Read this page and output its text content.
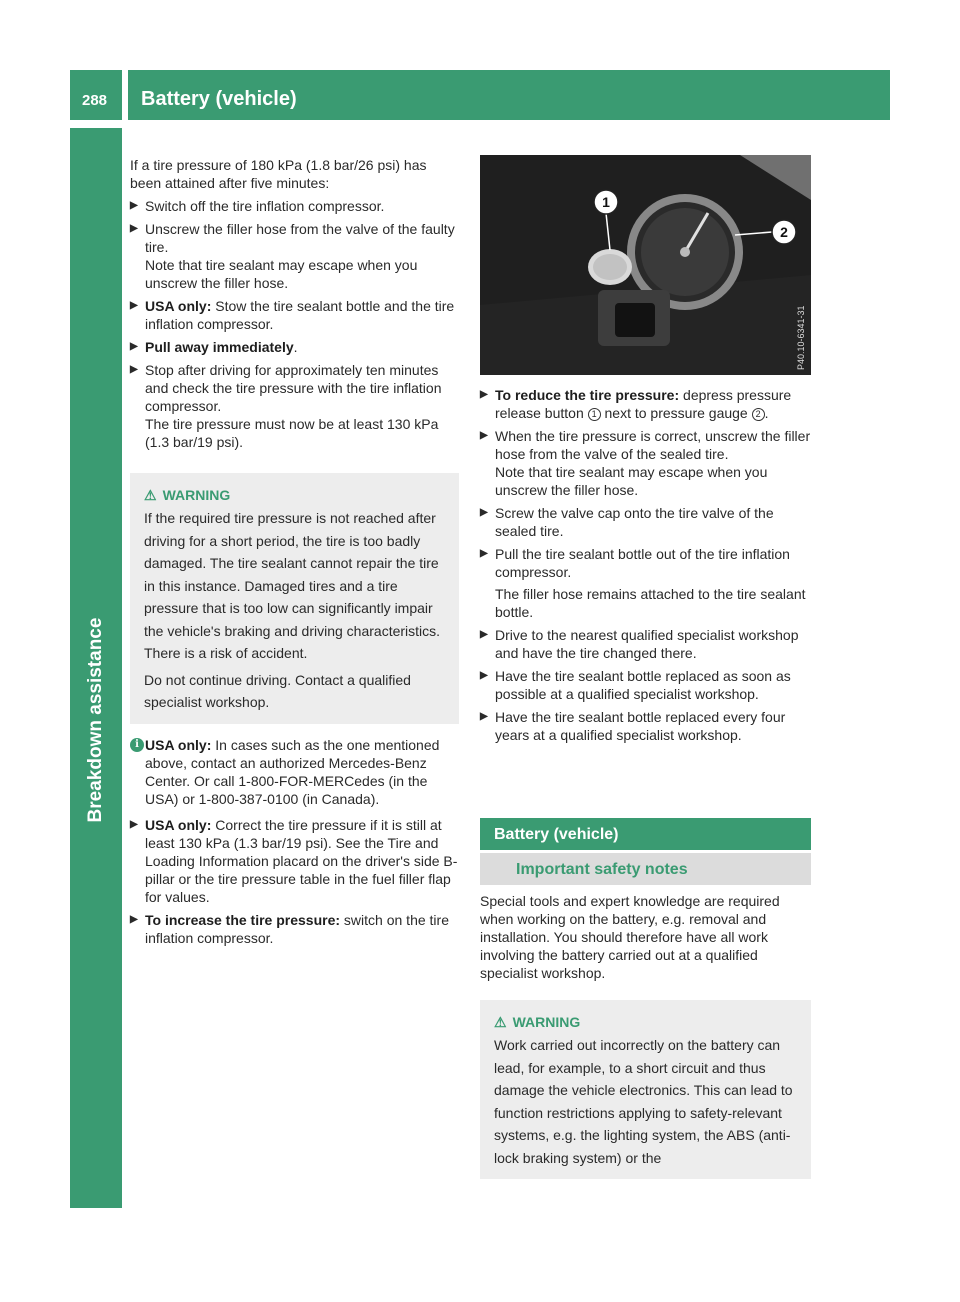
288 Battery (vehicle)
Breakdown assistance

If a tire pressure of 180 kPa (1.8 bar/26 psi) has been attained after five minutes:

▶ Switch off the tire inflation compressor.
▶ Unscrew the filler hose from the valve of the faulty tire.
Note that tire sealant may escape when you unscrew the filler hose.
▶ USA only: Stow the tire sealant bottle and the tire inflation compressor.
▶ Pull away immediately.
▶ Stop after driving for approximately ten minutes and check the tire pressure with the tire inflation compressor.
The tire pressure must now be at least 130 kPa (1.3 bar/19 psi).
⚠ WARNING

If the required tire pressure is not reached after driving for a short period, the tire is too badly damaged. The tire sealant cannot repair the tire in this instance. Damaged tires and a tire pressure that is too low can significantly impair the vehicle's braking and driving characteristics. There is a risk of accident.

Do not continue driving. Contact a qualified specialist workshop.

i USA only: In cases such as the one mentioned above, contact an authorized Mercedes-Benz Center. Or call 1-800-FOR-MERCedes (in the USA) or 1-800-387-0100 (in Canada).
▶ USA only: Correct the tire pressure if it is still at least 130 kPa (1.3 bar/19 psi). See the Tire and Loading Information placard on the driver's side B-pillar or the tire pressure table in the fuel filler flap for values.
▶ To increase the tire pressure: switch on the tire inflation compressor.
1
2
P40.10-6341-31
▶ To reduce the tire pressure: depress pressure release button 1 next to pressure gauge 2 .
▶ When the tire pressure is correct, unscrew the filler hose from the valve of the sealed tire.
Note that tire sealant may escape when you unscrew the filler hose.
▶ Screw the valve cap onto the tire valve of the sealed tire.
▶ Pull the tire sealant bottle out of the tire inflation compressor.

The filler hose remains attached to the tire sealant bottle.

▶ Drive to the nearest qualified specialist workshop and have the tire changed there.
▶ Have the tire sealant bottle replaced as soon as possible at a qualified specialist workshop.
▶ Have the tire sealant bottle replaced every four years at a qualified specialist workshop.
Battery (vehicle)
Important safety notes

Special tools and expert knowledge are required when working on the battery, e.g. removal and installation. You should therefore have all work involving the battery carried out at a qualified specialist workshop.

⚠ WARNING

Work carried out incorrectly on the battery can lead, for example, to a short circuit and thus damage the vehicle electronics. This can lead to function restrictions applying to safety-relevant systems, e.g. the lighting system, the ABS (anti-lock braking system) or the
